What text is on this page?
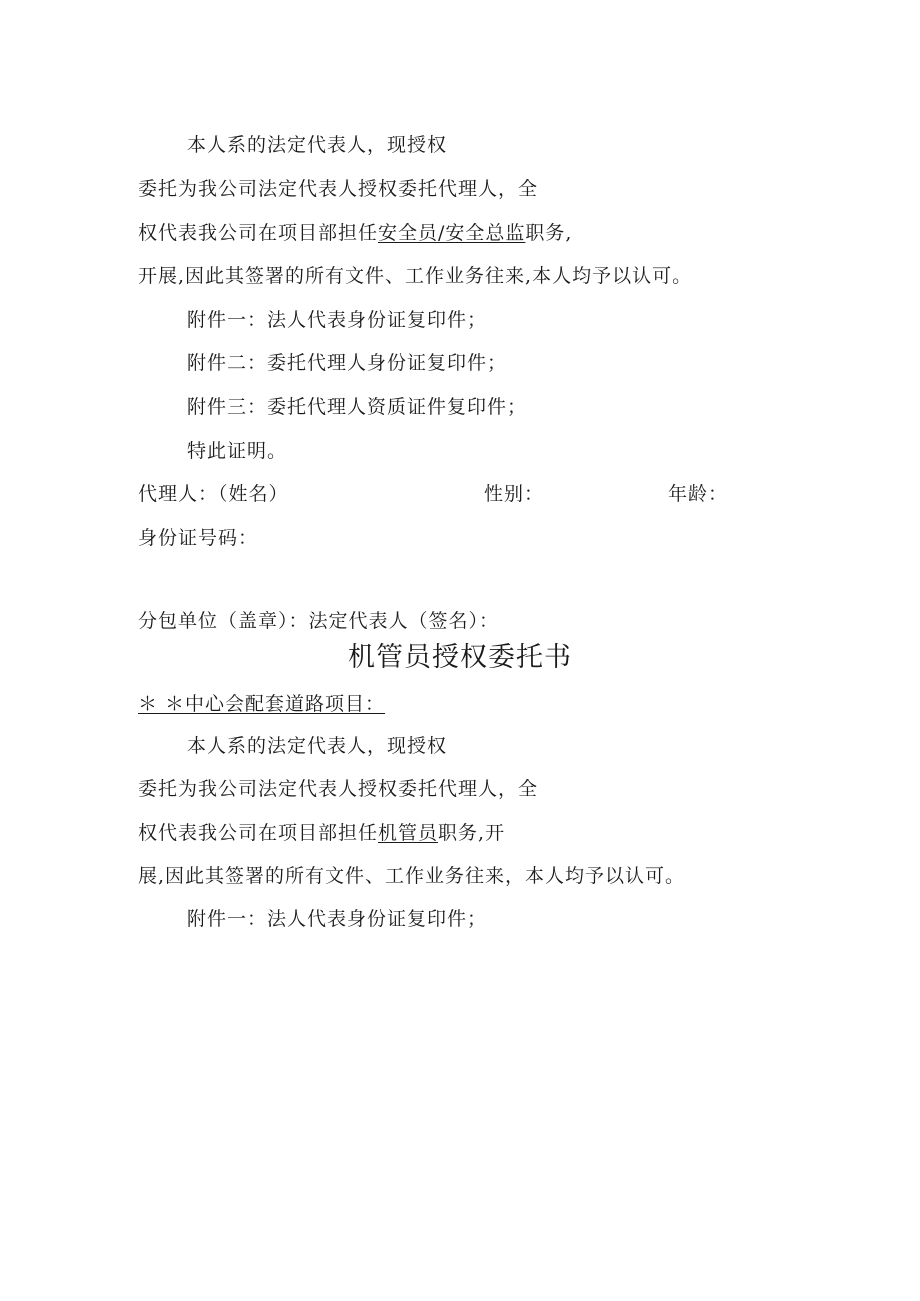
本人系的法定代表人，现授权
委托为我公司法定代表人授权委托代理人，全
权代表我公司在项目部担任安全员/安全总监职务,
开展,因此其签署的所有文件、工作业务往来,本人均予以认可。
附件一：法人代表身份证复印件；
附件二：委托代理人身份证复印件；
附件三：委托代理人资质证件复印件；
特此证明。
代理人：（姓名）	性别：	年龄：
身份证号码：
分包单位（盖章）：法定代表人（签名）：
机管员授权委托书
＊ ＊中心会配套道路项目：
本人系的法定代表人，现授权
委托为我公司法定代表人授权委托代理人，全
权代表我公司在项目部担任机管员职务,开
展,因此其签署的所有文件、工作业务往来，本人均予以认可。
附件一：法人代表身份证复印件；
